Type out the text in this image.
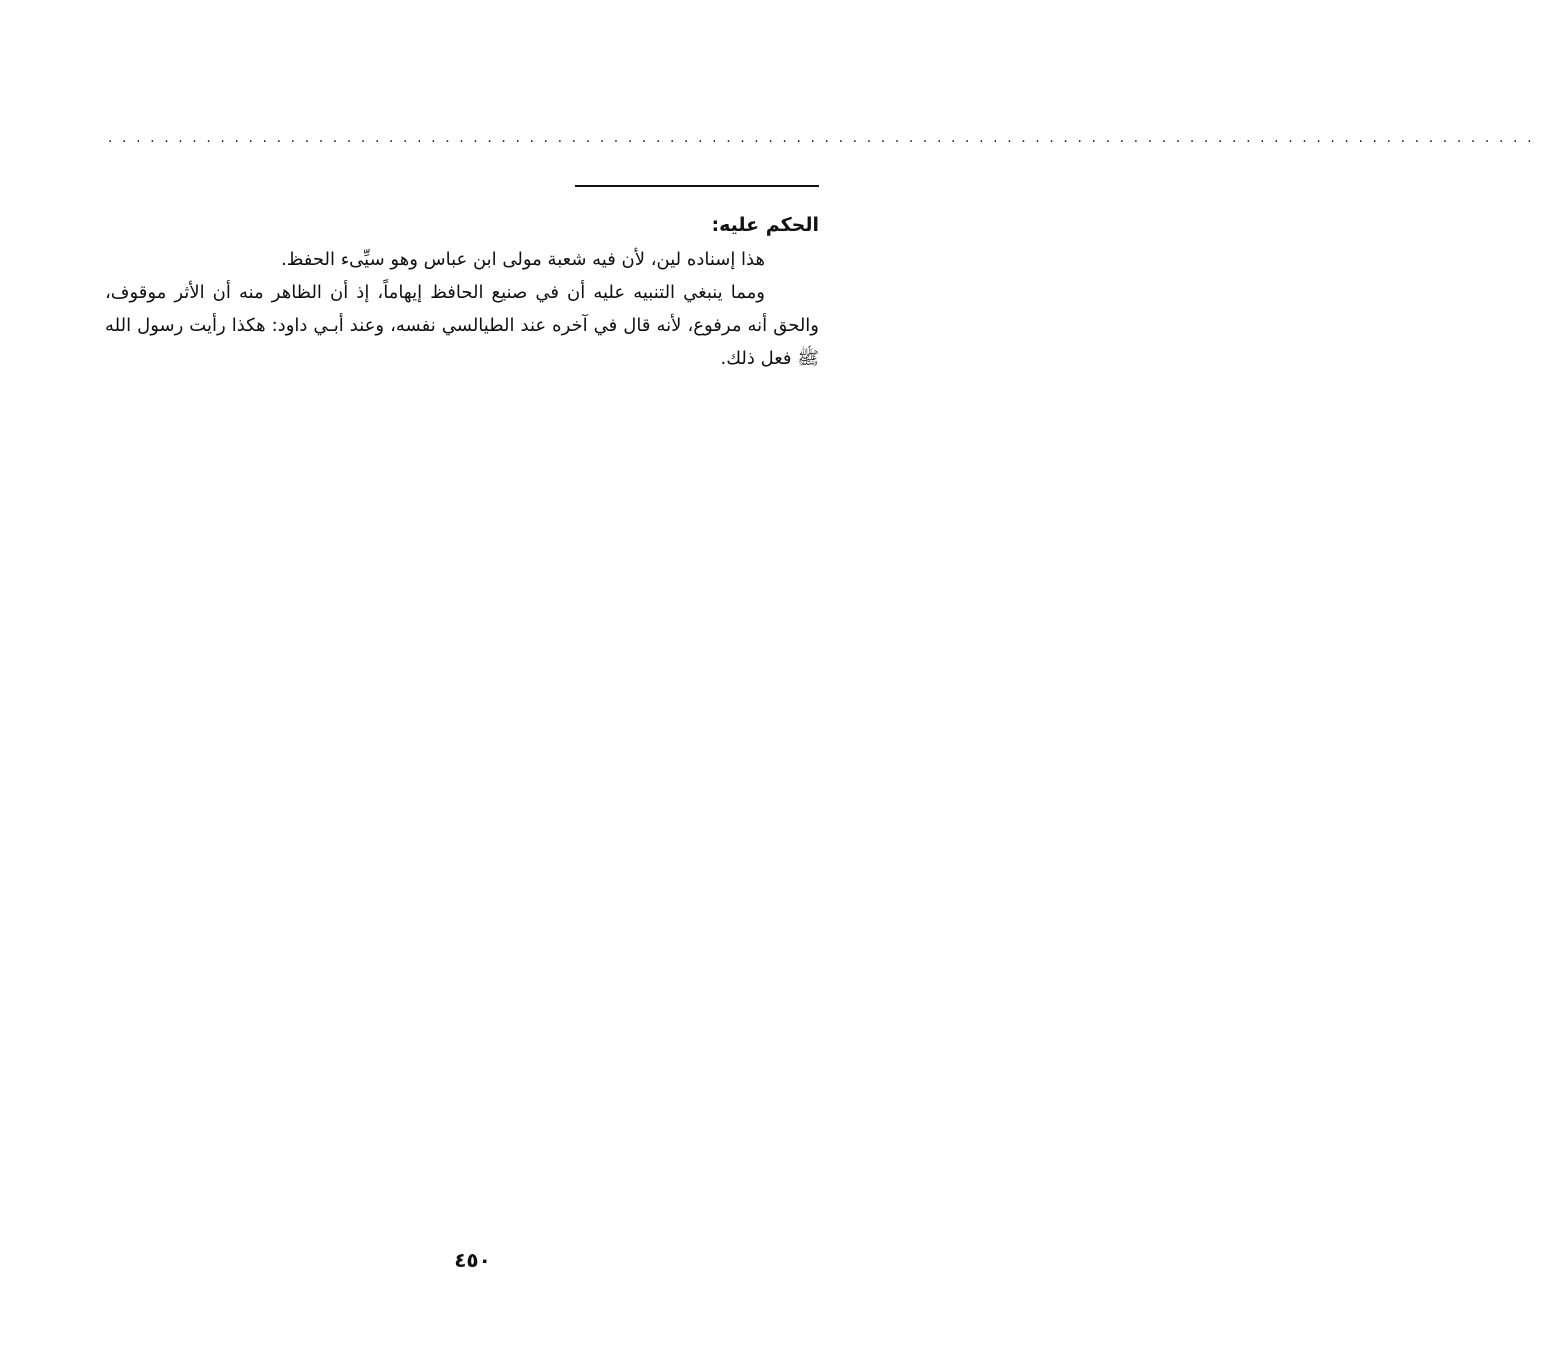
......................................................................................................

الحكم عليه:

هذا إسناده لين، لأن فيه شعبة مولى ابن عباس وهو سيِّىء الحفظ.

ومما ينبغي التنبيه عليه أن في صنيع الحافظ إيهاماً، إذ أن الظاهر منه أن الأثر موقوف، والحق أنه مرفوع، لأنه قال في آخره عند الطيالسي نفسه، وعند أبـي داود: هكذا رأيت رسول الله ﷺ فعل ذلك.

٤٥٠
